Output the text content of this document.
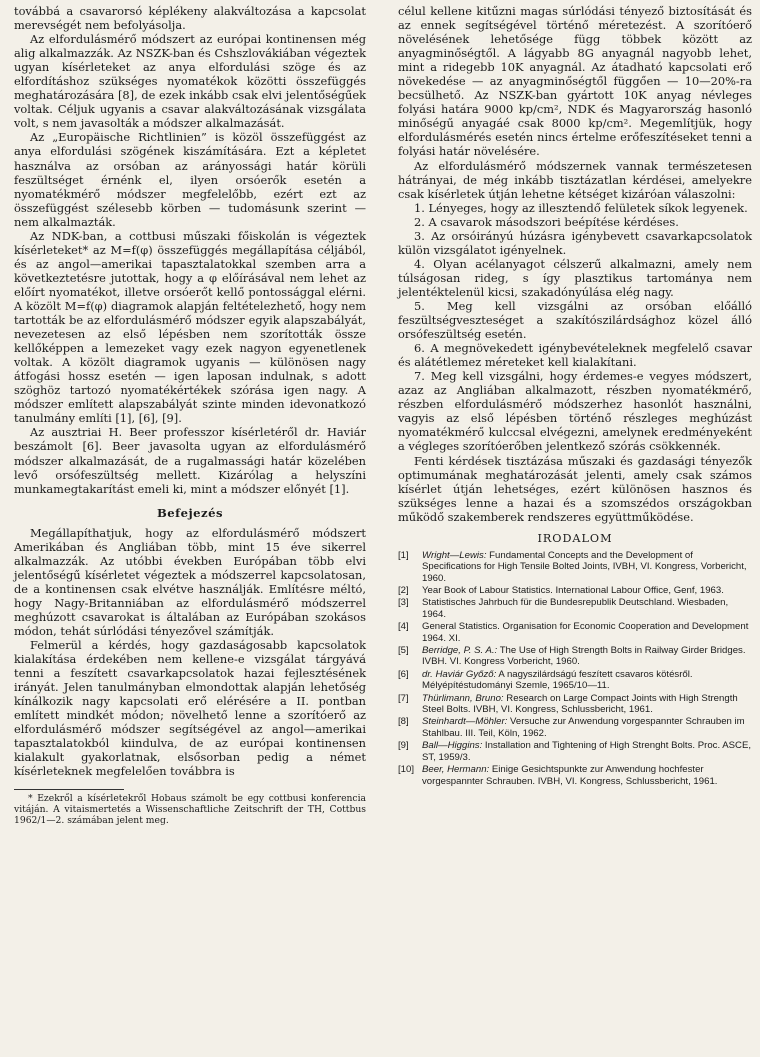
továbbá a csavarorsó képlékeny alakváltozása a kapcsolat merevségét nem befolyásolja.

Az elfordulásmérő módszert az európai kontinensen még alig alkalmazzák. Az NSZK-ban és Cshszlovákiában végeztek ugyan kísérleteket az anya elfordulási szöge és az elfordításhoz szükséges nyomatékok közötti összefüggés meghatározására [8], de ezek inkább csak elvi jelentőségűek voltak. Céljuk ugyanis a csavar alakváltozásának vizsgálata volt, s nem javasolták a módszer alkalmazását.

Az „Europäische Richtlinien” is közöl összefüggést az anya elfordulási szögének kiszámítására. Ezt a képletet használva az orsóban az arányossági határ körüli feszültséget érnénk el, ilyen orsóerők esetén a nyomatékmérő módszer megfelelőbb, ezért ezt az összefüggést szélesebb körben — tudomásunk szerint — nem alkalmazták.

Az NDK-ban, a cottbusi műszaki főiskolán is végeztek kísérleteket* az M=f(φ) összefüggés megállapítása céljából, és az angol—amerikai tapasztalatokkal szemben arra a következtetésre jutottak, hogy a φ előírásával nem lehet az előírt nyomatékot, illetve orsóerőt kellő pontossággal elérni. A közölt M=f(φ) diagramok alapján feltételezhető, hogy nem tartották be az elfordulásmérő módszer egyik alapszabályát, nevezetesen az első lépésben nem szorították össze kellőképpen a lemezeket vagy ezek nagyon egyenetlenek voltak. A közölt diagramok ugyanis — különösen nagy átfogási hossz esetén — igen laposan indulnak, s adott szöghöz tartozó nyomatékértékek szórása igen nagy. A módszer említett alapszabályát szinte minden idevonatkozó tanulmány említi [1], [6], [9].

Az ausztriai H. Beer professzor kísérletéről dr. Haviár beszámolt [6]. Beer javasolta ugyan az elfordulásmérő módszer alkalmazását, de a rugalmassági határ közelében levő orsófeszültség mellett. Kizárólag a helyszíni munkamegtakarítást emeli ki, mint a módszer előnyét [1].

Befejezés

Megállapíthatjuk, hogy az elfordulásmérő módszert Amerikában és Angliában több, mint 15 éve sikerrel alkalmazzák. Az utóbbi években Európában több elvi jelentőségű kísérletet végeztek a módszerrel kapcsolatosan, de a kontinensen csak elvétve használják. Említésre méltó, hogy Nagy-Britanniában az elfordulásmérő módszerrel meghúzott csavarokat is általában az Európában szokásos módon, tehát súrlódási tényezővel számítják.

Felmerül a kérdés, hogy gazdaságosabb kapcsolatok kialakítása érdekében nem kellene-e vizsgálat tárgyává tenni a feszített csavarkapcsolatok hazai fejlesztésének irányát. Jelen tanulmányban elmondottak alapján lehetőség kínálkozik nagy kapcsolati erő elérésére a II. pontban említett mindkét módon; növelhető lenne a szorítóerő az elfordulásmérő módszer segítségével az angol—amerikai tapasztalatokból kiindulva, de az európai kontinensen kialakult gyakorlatnak, elsősorban pedig a német kísérleteknek megfelelően továbbra is

* Ezekről a kísérletekről Hobaus számolt be egy cottbusi konferencia vitáján. A vitaismertetés a Wissenschaftliche Zeitschrift der TH, Cottbus 1962/1—2. számában jelent meg.

célul kellene kitűzni magas súrlódási tényező biztosítását és az ennek segítségével történő méretezést. A szorítóerő növelésének lehetősége függ többek között az anyagminőségtől. A lágyabb 8G anyagnál nagyobb lehet, mint a ridegebb 10K anyagnál. Az átadható kapcsolati erő növekedése — az anyagminőségtől függően — 10—20%-ra becsülhető. Az NSZK-ban gyártott 10K anyag névleges folyási határa 9000 kp/cm², NDK és Magyarország hasonló minőségű anyagáé csak 8000 kp/cm². Megemlítjük, hogy elfordulásmérés esetén nincs értelme erőfeszítéseket tenni a folyási határ növelésére.

Az elfordulásmérő módszernek vannak természetesen hátrányai, de még inkább tisztázatlan kérdései, amelyekre csak kísérletek útján lehetne kétséget kizáróan válaszolni:

1. Lényeges, hogy az illesztendő felületek síkok legyenek.

2. A csavarok másodszori beépítése kérdéses.

3. Az orsóirányú húzásra igénybevett csavarkapcsolatok külön vizsgálatot igényelnek.

4. Olyan acélanyagot célszerű alkalmazni, amely nem túlságosan rideg, s így plasztikus tartománya nem jelentéktelenül kicsi, szakadónyúlása elég nagy.

5. Meg kell vizsgálni az orsóban előálló feszültségveszteséget a szakítószilárdsághoz közel álló orsófeszültség esetén.

6. A megnövekedett igénybevételeknek megfelelő csavar és alátétlemez méreteket kell kialakítani.

7. Meg kell vizsgálni, hogy érdemes-e vegyes módszert, azaz az Angliában alkalmazott, részben nyomatékmérő, részben elfordulásmérő módszerhez hasonlót használni, vagyis az első lépésben történő részleges meghúzást nyomatékmérő kulccsal elvégezni, amelynek eredményeként a végleges szorítóerőben jelentkező szórás csökkennék.

Fenti kérdések tisztázása műszaki és gazdasági tényezők optimumának meghatározását jelenti, amely csak számos kísérlet útján lehetséges, ezért különösen hasznos és szükséges lenne a hazai és a szomszédos országokban működő szakemberek rendszeres együttműködése.

IRODALOM
[1] Wright—Lewis: Fundamental Concepts and the Development of Specifications for High Tensile Bolted Joints, IVBH, VI. Kongress, Vorbericht, 1960.
[2] Year Book of Labour Statistics. International Labour Office, Genf, 1963.
[3] Statistisches Jahrbuch für die Bundesrepublik Deutschland. Wiesbaden, 1964.
[4] General Statistics. Organisation for Economic Cooperation and Development 1964. XI.
[5] Berridge, P. S. A.: The Use of High Strength Bolts in Railway Girder Bridges. IVBH. VI. Kongress Vorbericht, 1960.
[6] dr. Haviár Győző: A nagyszilárdságú feszített csavaros kötésről. Mélyépítéstudományi Szemle, 1965/10—11.
[7] Thürlimann, Bruno: Research on Large Compact Joints with High Strength Steel Bolts. IVBH, VI. Kongress, Schlussbericht, 1961.
[8] Steinhardt—Möhler: Versuche zur Anwendung vorgespannter Schrauben im Stahlbau. III. Teil, Köln, 1962.
[9] Ball—Higgins: Installation and Tightening of High Strenght Bolts. Proc. ASCE, ST, 1959/3.
[10] Beer, Hermann: Einige Gesichtspunkte zur Anwendung hochfester vorgespannter Schrauben. IVBH, VI. Kongress, Schlussbericht, 1961.
